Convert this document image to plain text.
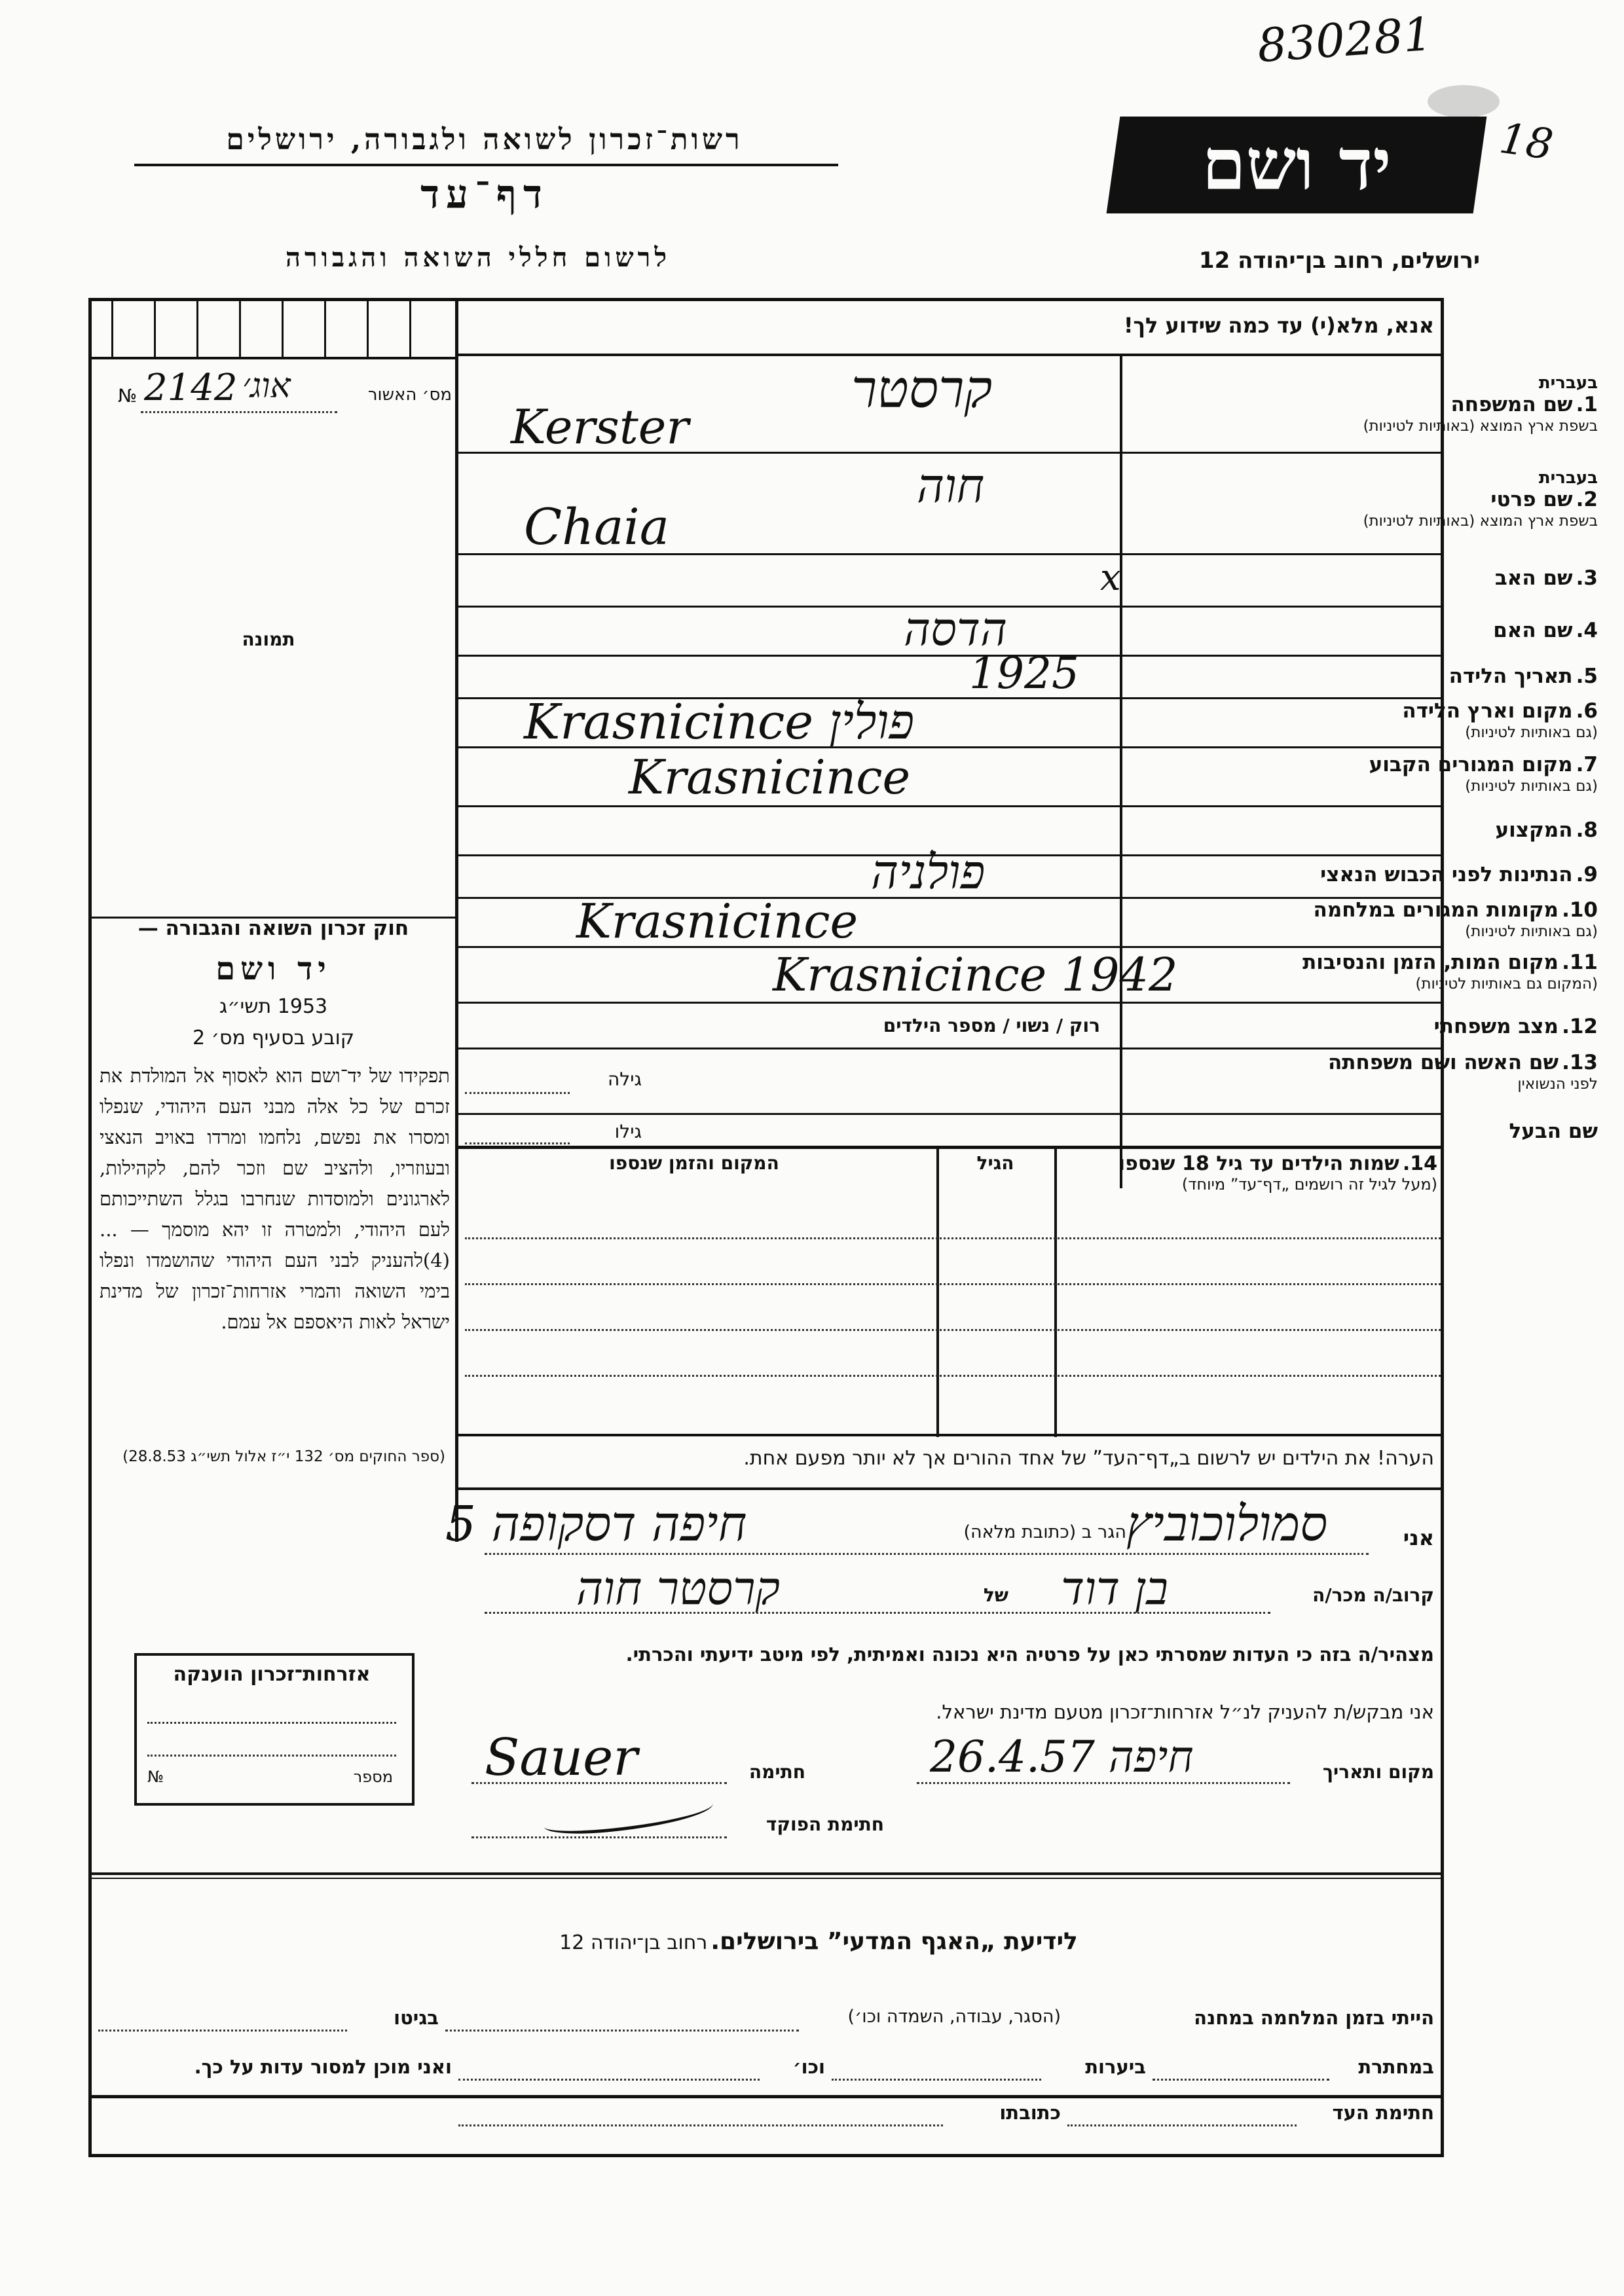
830281
18
רשות־זכרון לשואה ולגבורה, ירושלים
דף־עד
לרשום חללי השואה והגבורה
יד ושם
ירושלים, רחוב בן־יהודה 12
אנא, מלא(י) עד כמה שידוע לך!
מס׳ האשור
№ 2142 אוג׳
תמונה
חוק זכרון השואה והגבורה —
יד ושם
1953 תשי״ג
קובע בסעיף מס׳ 2
תפקידו של יד־ושם הוא לאסוף אל המולדת את זכרם של כל אלה מבני העם היהודי, שנפלו ומסרו את נפשם, נלחמו ומרדו באויב הנאצי ובעוזריו, ולהציב שם וזכר להם, לקהילות, לארגונים ולמוסדות שנחרבו בגלל השתייכותם לעם היהודי, ולמטרה זו יהא מוסמך — ...(4)להעניק לבני העם היהודי שהושמדו ונפלו בימי השואה והמרי אזרחות־זכרון של מדינת ישראל לאות היאספם אל עמם.
(ספר החוקים מס׳ 132 י״ז אלול תשי״ג 28.8.53)
אזרחות־זכרון הוענקה
№	מספר
בעברית
1. שם המשפחה
בשפת ארץ המוצא (באותיות לטיניות)
קרסטר
Kerster
בעברית
2. שם פרטי
בשפת ארץ המוצא (באותיות לטיניות)
חוה
Chaia
3. שם האב
x
4. שם האם
הדסה
5. תאריך הלידה
1925
6. מקום וארץ הלידה
(גם באותיות לטיניות)
Krasnicince פולין
7. מקום המגורים הקבוע
(גם באותיות לטיניות)
Krasnicince
8. המקצוע
9. הנתינות לפני הכבוש הנאצי
פולניה
10. מקומות המגורים במלחמה
(גם באותיות לטיניות)
Krasnicince
11. מקום המות, הזמן והנסיבות
(המקום גם באותיות לטיניות)
Krasnicince 1942
12. מצב משפחתי
רוק / נשוי / מספר הילדים
13. שם האשה ושם משפחתה
לפני הנשואין
גילה
שם הבעל
גילו
14. שמות הילדים עד גיל 18 שנספו
(מעל לגיל זה רושמים „דף־עד” מיוחד)
הגיל
המקום והזמן שנספו
הערה! את הילדים יש לרשום ב„דף־העד” של אחד ההורים אך לא יותר מפעם אחת.
אני
סמולוכוביץ
הגר ב (כתובת מלאה)
חיפה דסקופה 5
קרוב/ה מכר/ה
בן דוד
של
קרסטר חוה
מצהיר/ה בזה כי העדות שמסרתי כאן על פרטיה היא נכונה ואמיתית, לפי מיטב ידיעתי והכרתי.
אני מבקש/ת להעניק לנ״ל אזרחות־זכרון מטעם מדינת ישראל.
מקום ותאריך
חיפה 26.4.57
חתימה
Sauer
חתימת הפוקד
לידיעת „האגף המדעי” בירושלים. רחוב בן־יהודה 12
הייתי בזמן המלחמה במחנה
(הסגר, עבודה, השמדה וכו׳)
בגיטו
במחתרת
ביערות
וכו׳
ואני מוכן למסור עדות על כך.
חתימת העד
כתובתו
